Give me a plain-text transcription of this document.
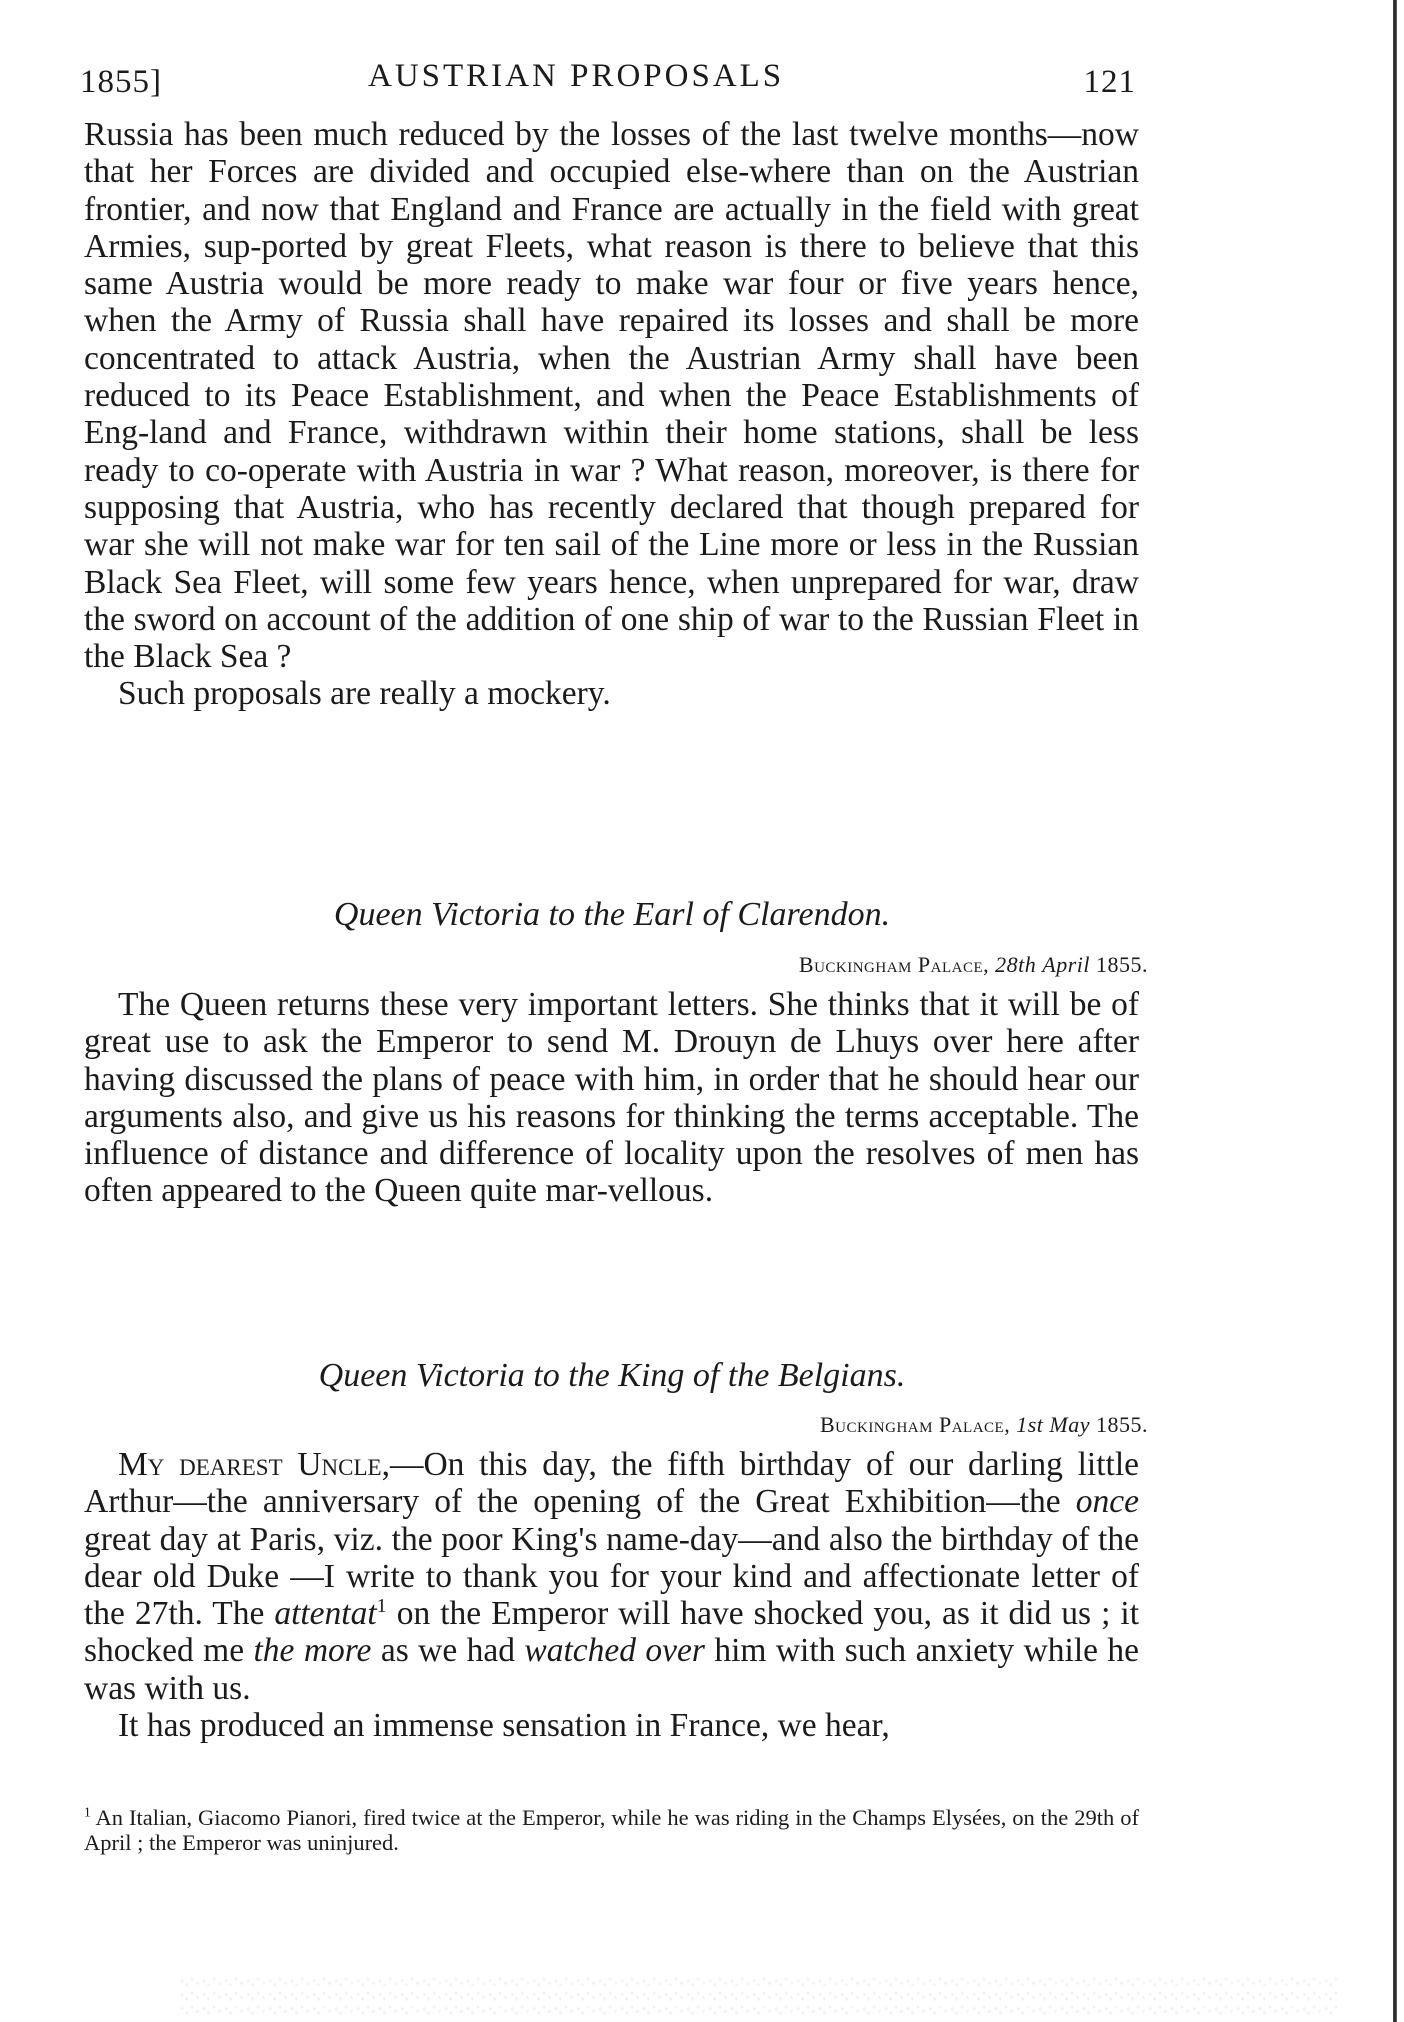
1855]	AUSTRIAN PROPOSALS	121

Russia has been much reduced by the losses of the last twelve months—now that her Forces are divided and occupied else-where than on the Austrian frontier, and now that England and France are actually in the field with great Armies, sup-ported by great Fleets, what reason is there to believe that this same Austria would be more ready to make war four or five years hence, when the Army of Russia shall have repaired its losses and shall be more concentrated to attack Austria, when the Austrian Army shall have been reduced to its Peace Establishment, and when the Peace Establishments of Eng-land and France, withdrawn within their home stations, shall be less ready to co-operate with Austria in war ? What reason, moreover, is there for supposing that Austria, who has recently declared that though prepared for war she will not make war for ten sail of the Line more or less in the Russian Black Sea Fleet, will some few years hence, when unprepared for war, draw the sword on account of the addition of one ship of war to the Russian Fleet in the Black Sea ?

Such proposals are really a mockery.

Queen Victoria to the Earl of Clarendon.
Buckingham Palace, 28th April 1855.

The Queen returns these very important letters. She thinks that it will be of great use to ask the Emperor to send M. Drouyn de Lhuys over here after having discussed the plans of peace with him, in order that he should hear our arguments also, and give us his reasons for thinking the terms acceptable. The influence of distance and difference of locality upon the resolves of men has often appeared to the Queen quite mar-vellous.

Queen Victoria to the King of the Belgians.
Buckingham Palace, 1st May 1855.

My dearest Uncle,—On this day, the fifth birthday of our darling little Arthur—the anniversary of the opening of the Great Exhibition—the once great day at Paris, viz. the poor King's name-day—and also the birthday of the dear old Duke —I write to thank you for your kind and affectionate letter of the 27th. The attentat$^1$ on the Emperor will have shocked you, as it did us ; it shocked me the more as we had watched over him with such anxiety while he was with us.

It has produced an immense sensation in France, we hear,

$^1$ An Italian, Giacomo Pianori, fired twice at the Emperor, while he was riding in the Champs Elysées, on the 29th of April ; the Emperor was uninjured.
